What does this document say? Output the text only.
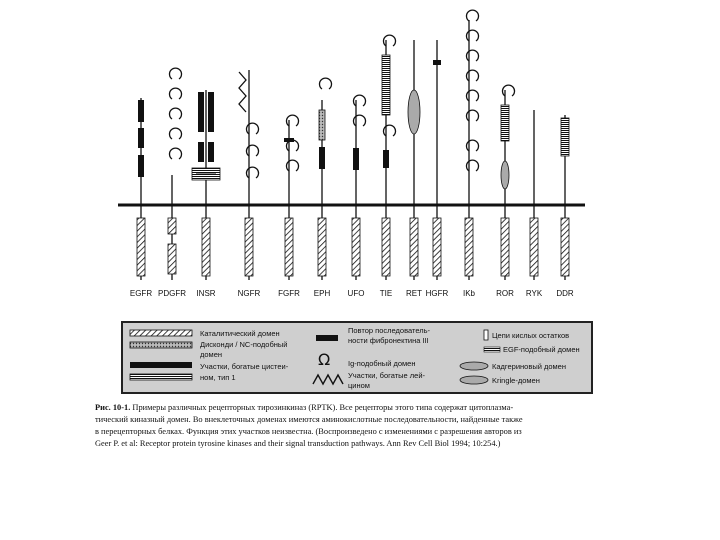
EGFR PDGFR INSR	NGFR FGFR EPH UFO TIE RET HGFR IKb	ROR RYK DDR
Каталитический домен
Дисконди / NC-подобный
домен
Участки, богатые цистеи-
ном, тип 1
Ω
Повтор последователь-
ности фибронектина III
Ig-подобный домен
Участки, богатые лей-
цином
Цепи кислых остатков
EGF-подобный домен
Кадгериновый домен
Kringle-домен
Рис. 10-1. Примеры различных рецепторных тирозинкиназ (RPTK). Все рецепторы этого типа содержат цитоплазма-
тический киназный домен. Во внеклеточных доменах имеются аминокислотные последовательности, найденные также
в перецепторных белках. Функция этих участков неизвестна. (Воспроизведено с изменениями с разрешения авторов из
Geer P. et al: Receptor protein tyrosine kinases and their signal transduction pathways. Ann Rev Cell Biol 1994; 10:254.)
